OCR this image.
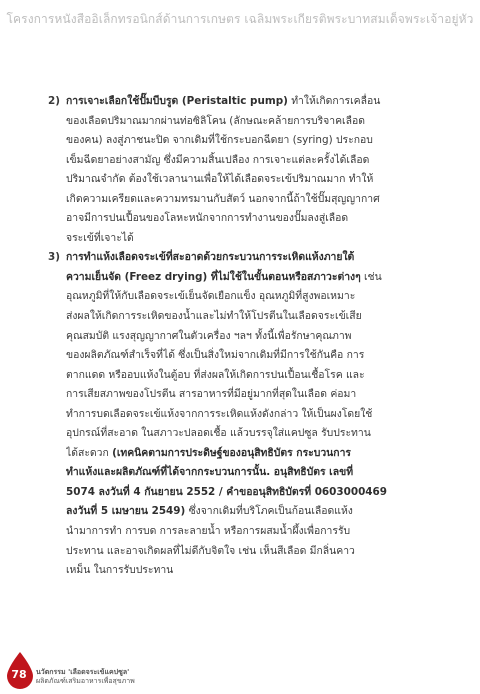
โครงการหนังสืออิเล็กทรอนิกส์ด้านการเกษตร เฉลิมพระเกียรติพระบาทสมเด็จพระเจ้าอยู่หัว
2) การเจาะเลือกใช้ปั๊มบีบรูด (Peristaltic pump) ทำให้เกิดการเคลื่อน
ของเลือดปริมาณมากผ่านท่อซิลิโคน (ลักษณะคล้ายการบริจาคเลือด
ของคน) ลงสู่ภาชนะปิด จากเดิมที่ใช้กระบอกฉีดยา (syring) ประกอบ
เข็มฉีดยาอย่างสามัญ ซึ่งมีความสิ้นเปลือง การเจาะแต่ละครั้งได้เลือด
ปริมาณจำกัด ต้องใช้เวลานานเพื่อให้ได้เลือดจระเข้ปริมาณมาก ทำให้
เกิดความเครียดและความทรมานกับสัตว์ นอกจากนี้ถ้าใช้ปั๊มสุญญากาศ
อาจมีการปนเปื้อนของโลหะหนักจากการทำงานของปั๊มลงสู่เลือด
จระเข้ที่เจาะได้
3) การทำแห้งเลือดจระเข้ที่สะอาดด้วยกระบวนการระเหิดแห้งภายใต้
ความเย็นจัด (Freez drying) ที่ไม่ใช้ในขั้นตอนหรือสภาวะต่างๆ เช่น
อุณหภูมิที่ให้กับเลือดจระเข้เย็นจัดเยือกแข็ง อุณหภูมิที่สูงพอเหมาะ
ส่งผลให้เกิดการระเหิดของน้ำและไม่ทำให้โปรตีนในเลือดจระเข้เสีย
คุณสมบัติ แรงสุญญากาศในตัวเครื่อง ฯลฯ ทั้งนี้เพื่อรักษาคุณภาพ
ของผลิตภัณฑ์สำเร็จที่ได้ ซึ่งเป็นสิ่งใหม่จากเดิมที่มีการใช้กันคือ การ
ตากแดด หรืออบแห้งในตู้อบ ที่ส่งผลให้เกิดการปนเปื้อนเชื้อโรค และ
การเสียสภาพของโปรตีน สารอาหารที่มีอยู่มากที่สุดในเลือด ค่อมา
ทำการบดเลือดจระเข้แห้งจากการระเหิดแห้งดังกล่าว ให้เป็นผงโดยใช้
อุปกรณ์ที่สะอาด ในสภาวะปลอดเชื้อ แล้วบรรจุใส่แคปซูล รับประทาน
ได้สะดวก (เทคนิคตามการประดิษฐ์ของอนุสิทธิบัตร กระบวนการ
ทำแห้งและผลิตภัณฑ์ที่ได้จากกระบวนการนั้น. อนุสิทธิบัตร เลขที่
5074 ลงวันที่ 4 กันยายน 2552 / คำขออนุสิทธิบัตรที่ 0603000469
ลงวันที่ 5 เมษายน 2549) ซึ่งจากเดิมที่บริโภคเป็นก้อนเลือดแห้ง
นำมาการทำ การบด การละลายน้ำ หรือการผสมน้ำผึ้งเพื่อการรับ
ประทาน และอาจเกิดผลที่ไม่ดีกับจิตใจ เช่น เห็นสีเลือด มีกลิ่นคาว
เหม็น ในการรับประทาน
78	นวัตกรรม 'เลือดจระเข้แคปซูล'
ผลิตภัณฑ์เสริมอาหารเพื่อสุขภาพ
